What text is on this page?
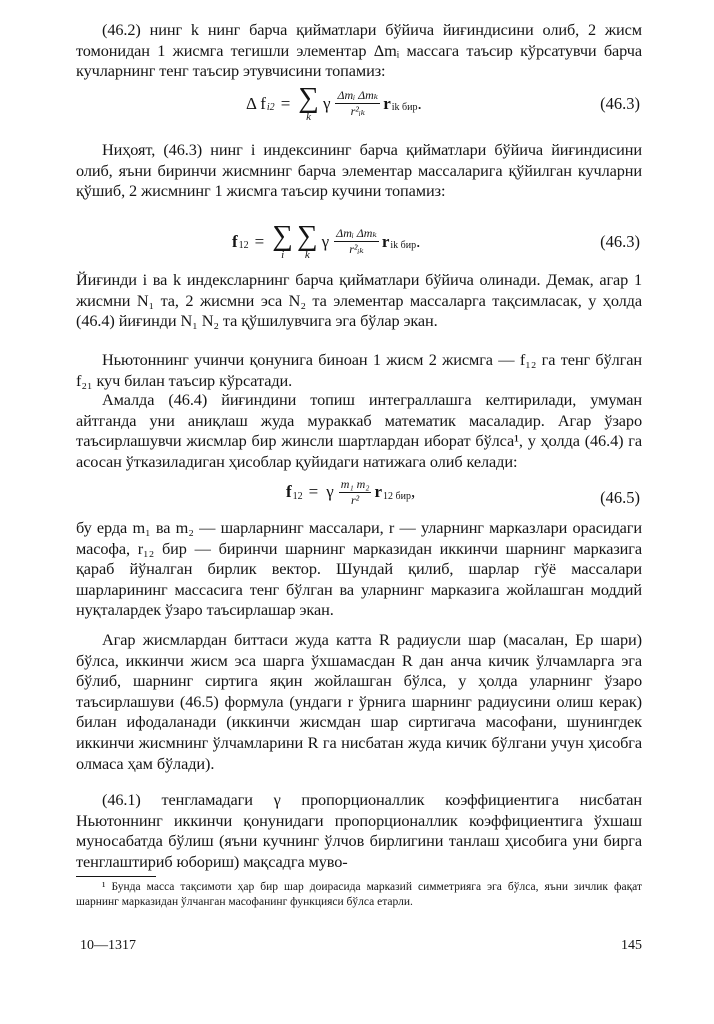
(46.2) нинг k нинг барча қийматлари бўйича йиғиндисини олиб, 2 жисм томонидан 1 жисмга тегишли элементар Δmᵢ массага таъсир кўрсатувчи барча кучларнинг тенг таъсир этувчисини топамиз:

Δ f i2 = ∑
k
γ $\frac{\text{Δmᵢ Δmₖ}}{\text{r²ᵢₖ}}$ r ik бир .	(46.3)

Ниҳоят, (46.3) нинг i индексининг барча қийматлари бўйича йиғиндисини олиб, яъни биринчи жисмнинг барча элементар массаларига қўйилган кучларни қўшиб, 2 жисмнинг 1 жисмга таъсир кучини топамиз:

f 12 = ∑
i
∑
k
γ $\frac{\text{Δmᵢ Δmₖ}}{\text{r²ᵢₖ}}$ r ik бир .	(46.3)

Йиғинди i ва k индексларнинг барча қийматлари бўйича олинади. Демак, агар 1 жисмни N₁ та, 2 жисмни эса N₂ та элементар массаларга тақсимласак, у ҳолда (46.4) йиғинди N₁ N₂ та қўшилувчига эга бўлар экан.

Ньютоннинг учинчи қонунига биноан 1 жисм 2 жисмга — f₁₂ га тенг бўлган f₂₁ куч билан таъсир кўрсатади.

Амалда (46.4) йиғиндини топиш интеграллашга келтирилади, умуман айтганда уни аниқлаш жуда мураккаб математик масаладир. Агар ўзаро таъсирлашувчи жисмлар бир жинсли шартлардан иборат бўлса¹, у ҳолда (46.4) га асосан ўтказиладиган ҳисоблар қуйидаги натижага олиб келади:

f 12 = γ $\frac{\text{m₁ m₂}}{\text{r²}}$ r 12 бир ,	(46.5)

бу ерда m₁ ва m₂ — шарларнинг массалари, r — уларнинг марказлари орасидаги масофа, r₁₂ бир — биринчи шарнинг марказидан иккинчи шарнинг марказига қараб йўналган бирлик вектор. Шундай қилиб, шарлар гўё массалари шарларининг массасига тенг бўлган ва уларнинг марказига жойлашган моддий нуқталардек ўзаро таъсирлашар экан.

Агар жисмлардан биттаси жуда катта R радиусли шар (масалан, Ер шари) бўлса, иккинчи жисм эса шарга ўхшамасдан R дан анча кичик ўлчамларга эга бўлиб, шарнинг сиртига яқин жойлашган бўлса, у ҳолда уларнинг ўзаро таъсирлашуви (46.5) формула (ундаги r ўрнига шарнинг радиусини олиш керак) билан ифодаланади (иккинчи жисмдан шар сиртигача масофани, шунингдек иккинчи жисмнинг ўлчамларини R га нисбатан жуда кичик бўлгани учун ҳисобга олмаса ҳам бўлади).

(46.1) тенгламадаги γ пропорционаллик коэффициентига нисбатан Ньютоннинг иккинчи қонунидаги пропорционаллик коэффициентига ўхшаш муносабатда бўлиш (яъни кучнинг ўлчов бирлигини танлаш ҳисобига уни бирга тенглаштириб юбориш) мақсадга муво-

¹ Бунда масса тақсимоти ҳар бир шар доирасида марказий симметрияга эга бўлса, яъни зичлик фақат шарнинг марказидан ўлчанган масофанинг функцияси бўлса етарли.

10—1317	145
